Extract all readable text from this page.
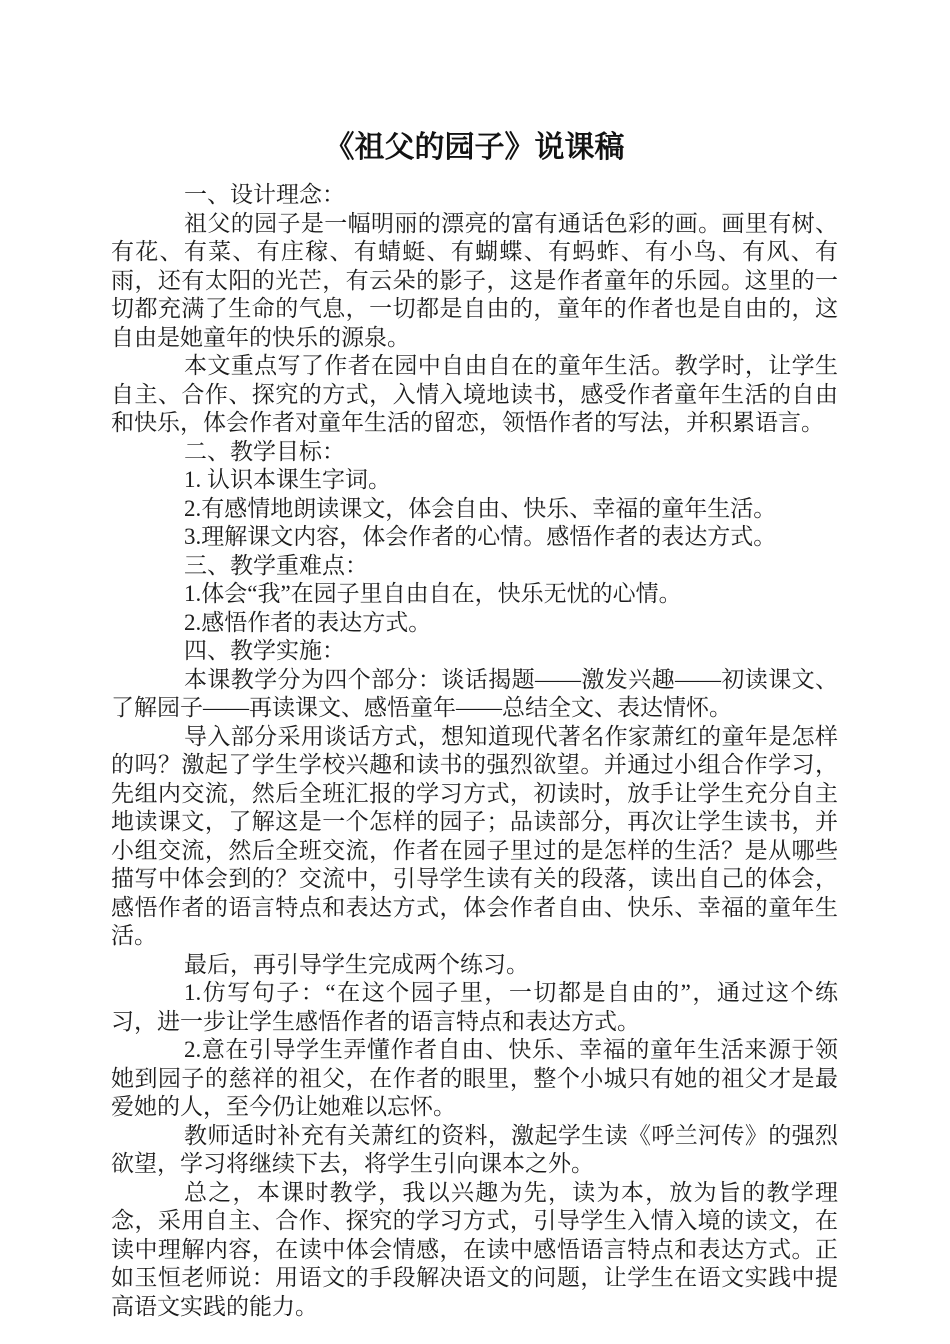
《祖父的园子》说课稿

一、设计理念：

祖父的园子是一幅明丽的漂亮的富有通话色彩的画。画里有树、有花、有菜、有庄稼、有蜻蜓、有蝴蝶、有蚂蚱、有小鸟、有风、有雨，还有太阳的光芒，有云朵的影子，这是作者童年的乐园。这里的一切都充满了生命的气息，一切都是自由的，童年的作者也是自由的，这自由是她童年的快乐的源泉。

本文重点写了作者在园中自由自在的童年生活。教学时，让学生自主、合作、探究的方式，入情入境地读书，感受作者童年生活的自由和快乐，体会作者对童年生活的留恋，领悟作者的写法，并积累语言。

二、教学目标：

1. 认识本课生字词。

2.有感情地朗读课文，体会自由、快乐、幸福的童年生活。

3.理解课文内容，体会作者的心情。感悟作者的表达方式。

三、教学重难点：

1.体会“我”在园子里自由自在，快乐无忧的心情。

2.感悟作者的表达方式。

四、教学实施：

本课教学分为四个部分：谈话揭题——激发兴趣——初读课文、了解园子——再读课文、感悟童年——总结全文、表达情怀。

导入部分采用谈话方式，想知道现代著名作家萧红的童年是怎样的吗？激起了学生学校兴趣和读书的强烈欲望。并通过小组合作学习，先组内交流，然后全班汇报的学习方式，初读时，放手让学生充分自主地读课文，了解这是一个怎样的园子；品读部分，再次让学生读书，并小组交流，然后全班交流，作者在园子里过的是怎样的生活？是从哪些描写中体会到的？交流中，引导学生读有关的段落，读出自己的体会，感悟作者的语言特点和表达方式，体会作者自由、快乐、幸福的童年生活。

最后，再引导学生完成两个练习。

1.仿写句子：“在这个园子里，一切都是自由的”，通过这个练习，进一步让学生感悟作者的语言特点和表达方式。

2.意在引导学生弄懂作者自由、快乐、幸福的童年生活来源于领她到园子的慈祥的祖父，在作者的眼里，整个小城只有她的祖父才是最爱她的人，至今仍让她难以忘怀。

教师适时补充有关萧红的资料，激起学生读《呼兰河传》的强烈欲望，学习将继续下去，将学生引向课本之外。

总之，本课时教学，我以兴趣为先，读为本，放为旨的教学理念，采用自主、合作、探究的学习方式，引导学生入情入境的读文，在读中理解内容，在读中体会情感，在读中感悟语言特点和表达方式。正如玉恒老师说：用语文的手段解决语文的问题，让学生在语文实践中提高语文实践的能力。
